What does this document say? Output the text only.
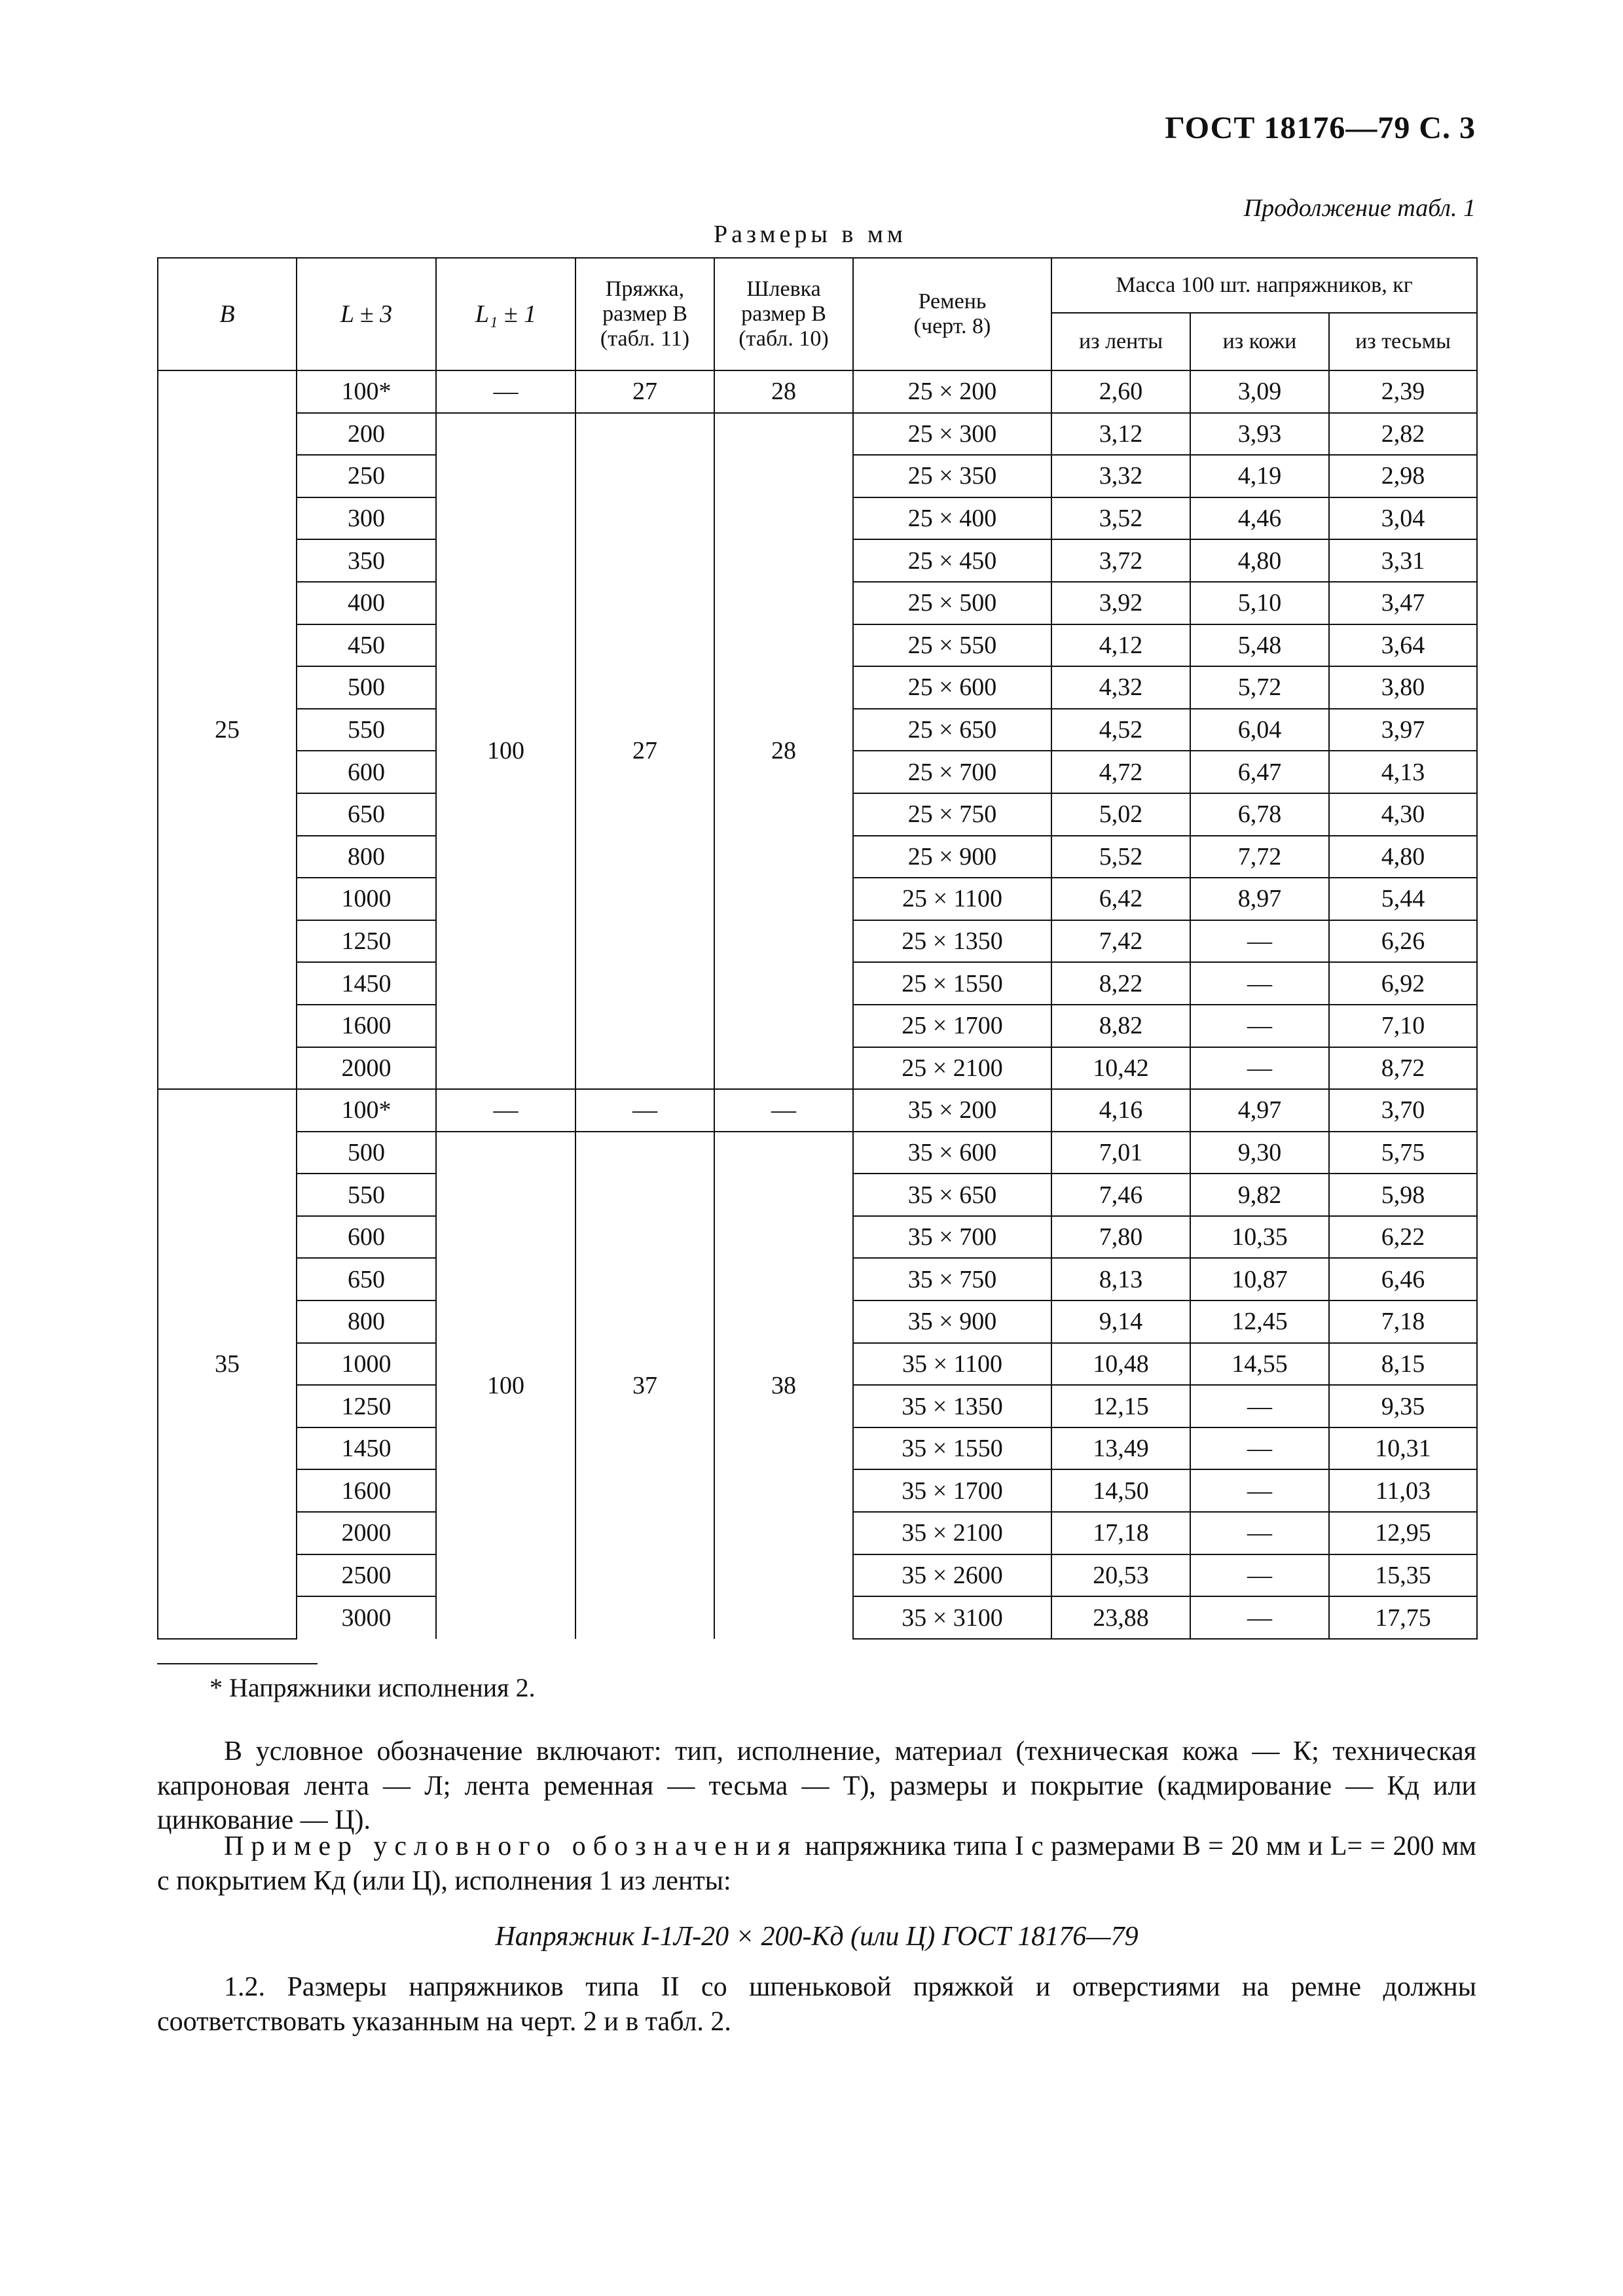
ГОСТ 18176—79 С. 3
Продолжение табл. 1
Размеры в мм
B	L ± 3	L₁ ± 1	Пряжка,
размер B
(табл. 11)	Шлевка
размер B
(табл. 10)	Ремень
(черт. 8)	Масса 100 шт. напряжников, кг		
						из ленты	из кожи	из тесьмы
25	100*	—	27	28	25 × 200	2,60	3,09	2,39
	200	100	27	28	25 × 300	3,12	3,93	2,82
	250				25 × 350	3,32	4,19	2,98
	300				25 × 400	3,52	4,46	3,04
	350				25 × 450	3,72	4,80	3,31
	400				25 × 500	3,92	5,10	3,47
	450				25 × 550	4,12	5,48	3,64
	500				25 × 600	4,32	5,72	3,80
	550				25 × 650	4,52	6,04	3,97
	600				25 × 700	4,72	6,47	4,13
	650				25 × 750	5,02	6,78	4,30
	800				25 × 900	5,52	7,72	4,80
	1000				25 × 1100	6,42	8,97	5,44
	1250				25 × 1350	7,42	—	6,26
	1450				25 × 1550	8,22	—	6,92
	1600				25 × 1700	8,82	—	7,10
	2000				25 × 2100	10,42	—	8,72
35	100*	—	—	—	35 × 200	4,16	4,97	3,70
	500	100	37	38	35 × 600	7,01	9,30	5,75
	550				35 × 650	7,46	9,82	5,98
	600				35 × 700	7,80	10,35	6,22
	650				35 × 750	8,13	10,87	6,46
	800				35 × 900	9,14	12,45	7,18
	1000				35 × 1100	10,48	14,55	8,15
	1250				35 × 1350	12,15	—	9,35
	1450				35 × 1550	13,49	—	10,31
	1600				35 × 1700	14,50	—	11,03
	2000				35 × 2100	17,18	—	12,95
	2500				35 × 2600	20,53	—	15,35
	3000				35 × 3100	23,88	—	17,75
* Напряжники исполнения 2.
В условное обозначение включают: тип, исполнение, материал (техническая кожа — К; техническая капроновая лента — Л; лента ременная — тесьма — Т), размеры и покрытие (кадмирование — Кд или цинкование — Ц).
Пример условного обозначения напряжника типа I с размерами B = 20 мм и L= = 200 мм с покрытием Кд (или Ц), исполнения 1 из ленты:
Напряжник I-1Л-20 × 200-Кд (или Ц) ГОСТ 18176—79
1.2. Размеры напряжников типа II со шпеньковой пряжкой и отверстиями на ремне должны соответствовать указанным на черт. 2 и в табл. 2.
